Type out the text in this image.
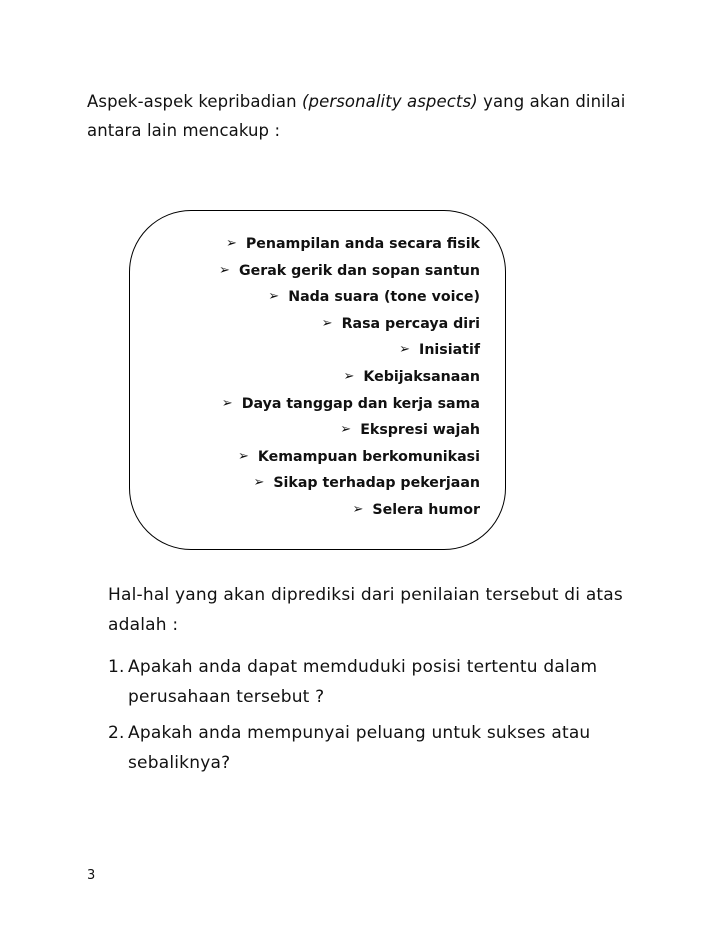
Aspek-aspek kepribadian (personality aspects) yang akan dinilai antara lain mencakup :

➢ Penampilan anda secara fisik
➢ Gerak gerik dan sopan santun
➢ Nada suara (tone voice)
➢ Rasa percaya diri
➢ Inisiatif
➢ Kebijaksanaan
➢ Daya tanggap dan kerja sama
➢ Ekspresi wajah
➢ Kemampuan berkomunikasi
➢ Sikap terhadap pekerjaan
➢ Selera humor

Hal-hal yang akan diprediksi dari penilaian tersebut di atas adalah :

1. Apakah anda dapat memduduki posisi tertentu dalam perusahaan tersebut ?
2. Apakah anda mempunyai peluang untuk sukses atau sebaliknya?
3
